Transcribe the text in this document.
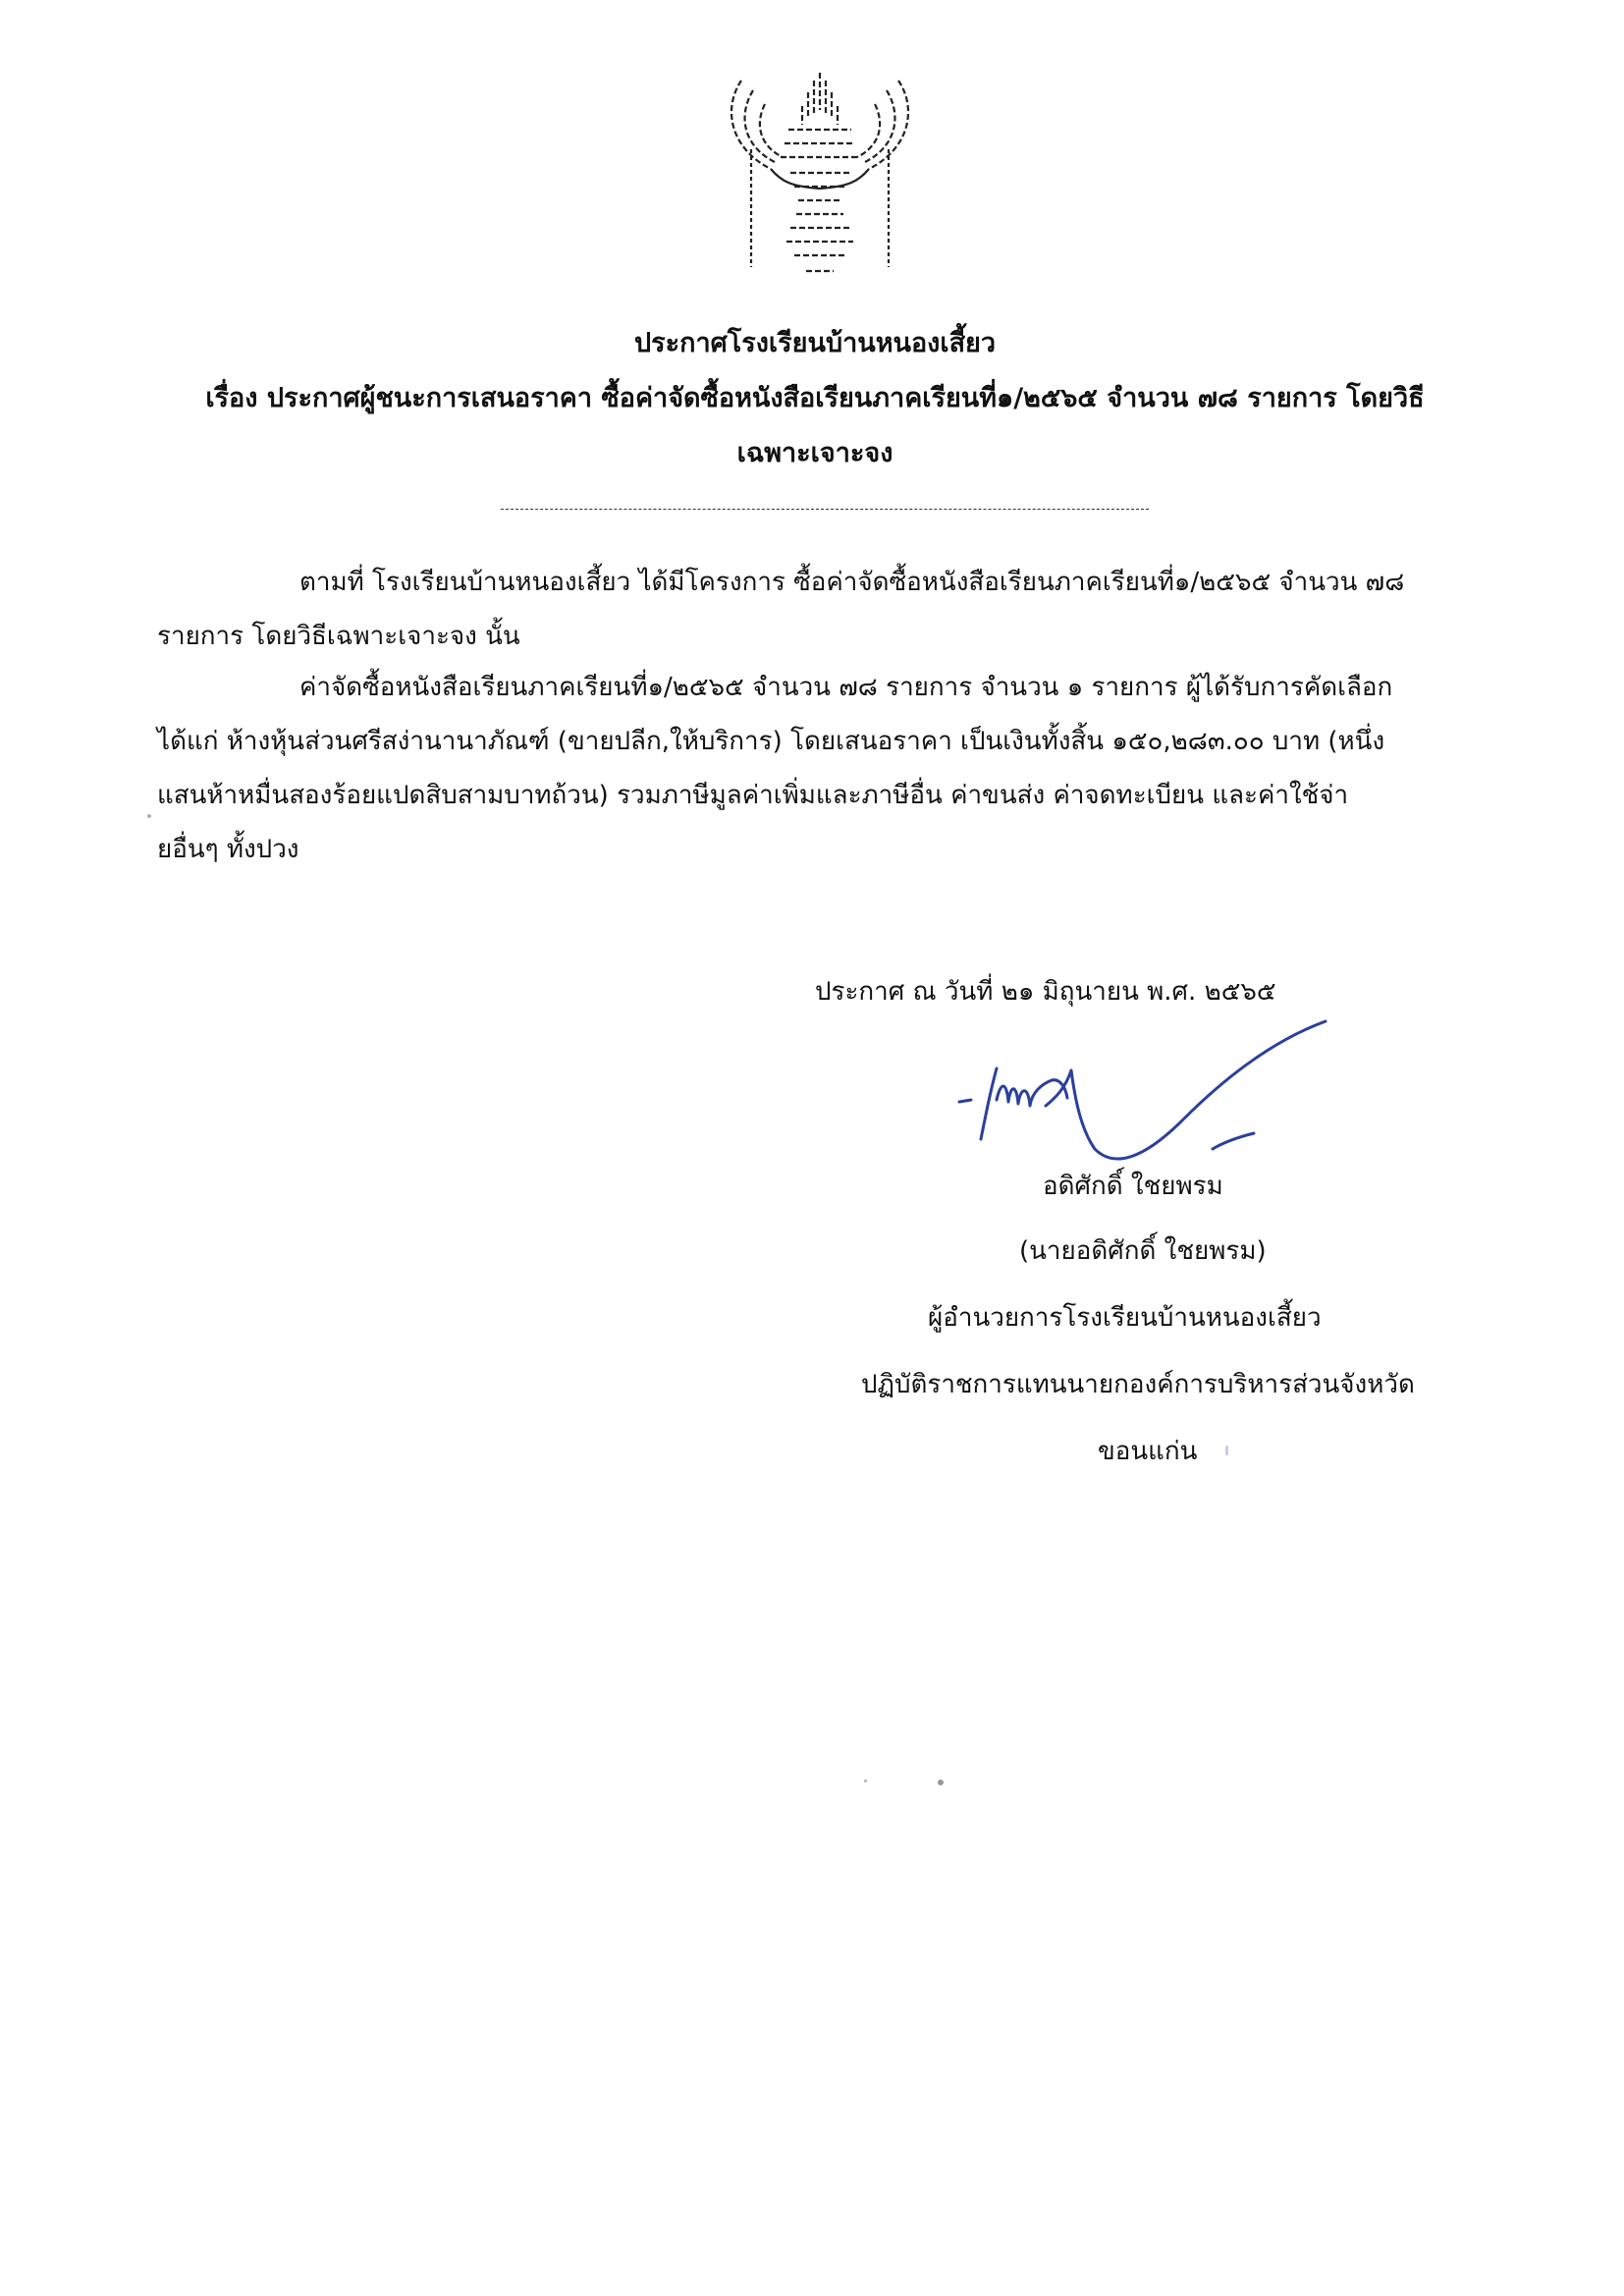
ประกาศโรงเรียนบ้านหนองเสี้ยว
เรื่อง ประกาศผู้ชนะการเสนอราคา ซื้อค่าจัดซื้อหนังสือเรียนภาคเรียนที่๑/๒๕๖๕ จำนวน ๗๘ รายการ โดยวิธี
เฉพาะเจาะจง
ตามที่ โรงเรียนบ้านหนองเสี้ยว ได้มีโครงการ ซื้อค่าจัดซื้อหนังสือเรียนภาคเรียนที่๑/๒๕๖๕ จำนวน ๗๘
รายการ โดยวิธีเฉพาะเจาะจง นั้น
ค่าจัดซื้อหนังสือเรียนภาคเรียนที่๑/๒๕๖๕ จำนวน ๗๘ รายการ จำนวน ๑ รายการ ผู้ได้รับการคัดเลือก
ได้แก่ ห้างหุ้นส่วนศรีสง่านานาภัณฑ์ (ขายปลีก,ให้บริการ) โดยเสนอราคา เป็นเงินทั้งสิ้น ๑๕๐,๒๘๓.๐๐ บาท (หนึ่ง
แสนห้าหมื่นสองร้อยแปดสิบสามบาทถ้วน) รวมภาษีมูลค่าเพิ่มและภาษีอื่น ค่าขนส่ง ค่าจดทะเบียน และค่าใช้จ่า
ยอื่นๆ ทั้งปวง
ประกาศ ณ วันที่ ๒๑ มิถุนายน พ.ศ. ๒๕๖๕
อดิศักดิ์ ใชยพรม
(นายอดิศักดิ์ ใชยพรม)
ผู้อำนวยการโรงเรียนบ้านหนองเสี้ยว
ปฏิบัติราชการแทนนายกองค์การบริหารส่วนจังหวัด
ขอนแก่น
